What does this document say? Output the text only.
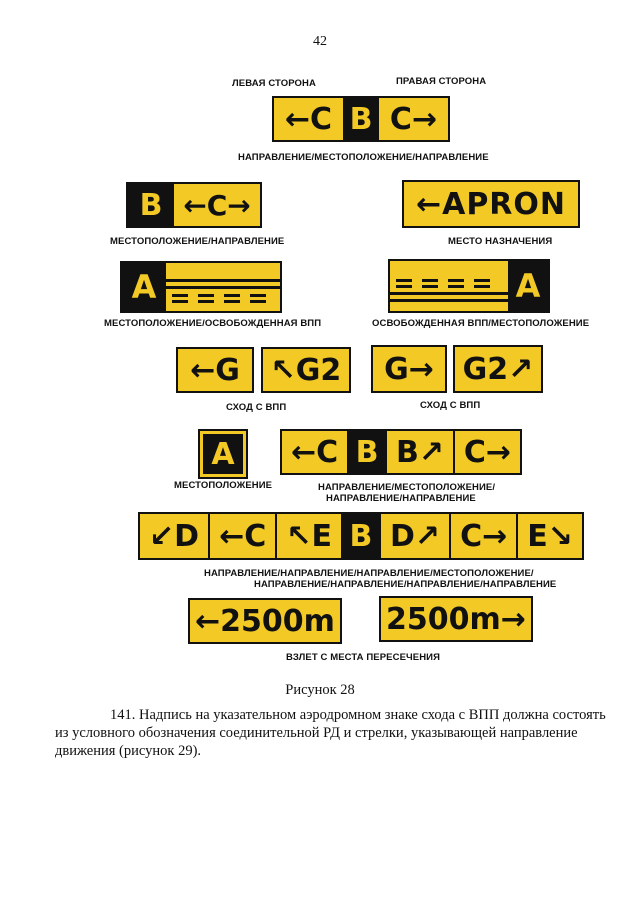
42
ЛЕВАЯ СТОРОНА	ПРАВАЯ СТОРОНА
←C B C→
НАПРАВЛЕНИЕ/МЕСТОПОЛОЖЕНИЕ/НАПРАВЛЕНИЕ
B ←C→
МЕСТОПОЛОЖЕНИЕ/НАПРАВЛЕНИЕ
←APRON
МЕСТО НАЗНАЧЕНИЯ
A
МЕСТОПОЛОЖЕНИЕ/ОСВОБОЖДЕННАЯ ВПП
A
ОСВОБОЖДЕННАЯ ВПП/МЕСТОПОЛОЖЕНИЕ
←G	↖G2
СХОД С ВПП
G→ G2↗
СХОД С ВПП
A
МЕСТОПОЛОЖЕНИЕ
←C B B↗ C→
НАПРАВЛЕНИЕ/МЕСТОПОЛОЖЕНИЕ/
НАПРАВЛЕНИЕ/НАПРАВЛЕНИЕ
↙D ←C ↖E B D↗ C→ E↘
НАПРАВЛЕНИЕ/НАПРАВЛЕНИЕ/НАПРАВЛЕНИЕ/МЕСТОПОЛОЖЕНИЕ/
НАПРАВЛЕНИЕ/НАПРАВЛЕНИЕ/НАПРАВЛЕНИЕ/НАПРАВЛЕНИЕ
←2500m 2500m→
ВЗЛЕТ С МЕСТА ПЕРЕСЕЧЕНИЯ
Рисунок 28
141. Надпись на указательном аэродромном знаке схода с ВПП должна состоять
из условного обозначения соединительной РД и стрелки, указывающей направление
движения (рисунок 29).
